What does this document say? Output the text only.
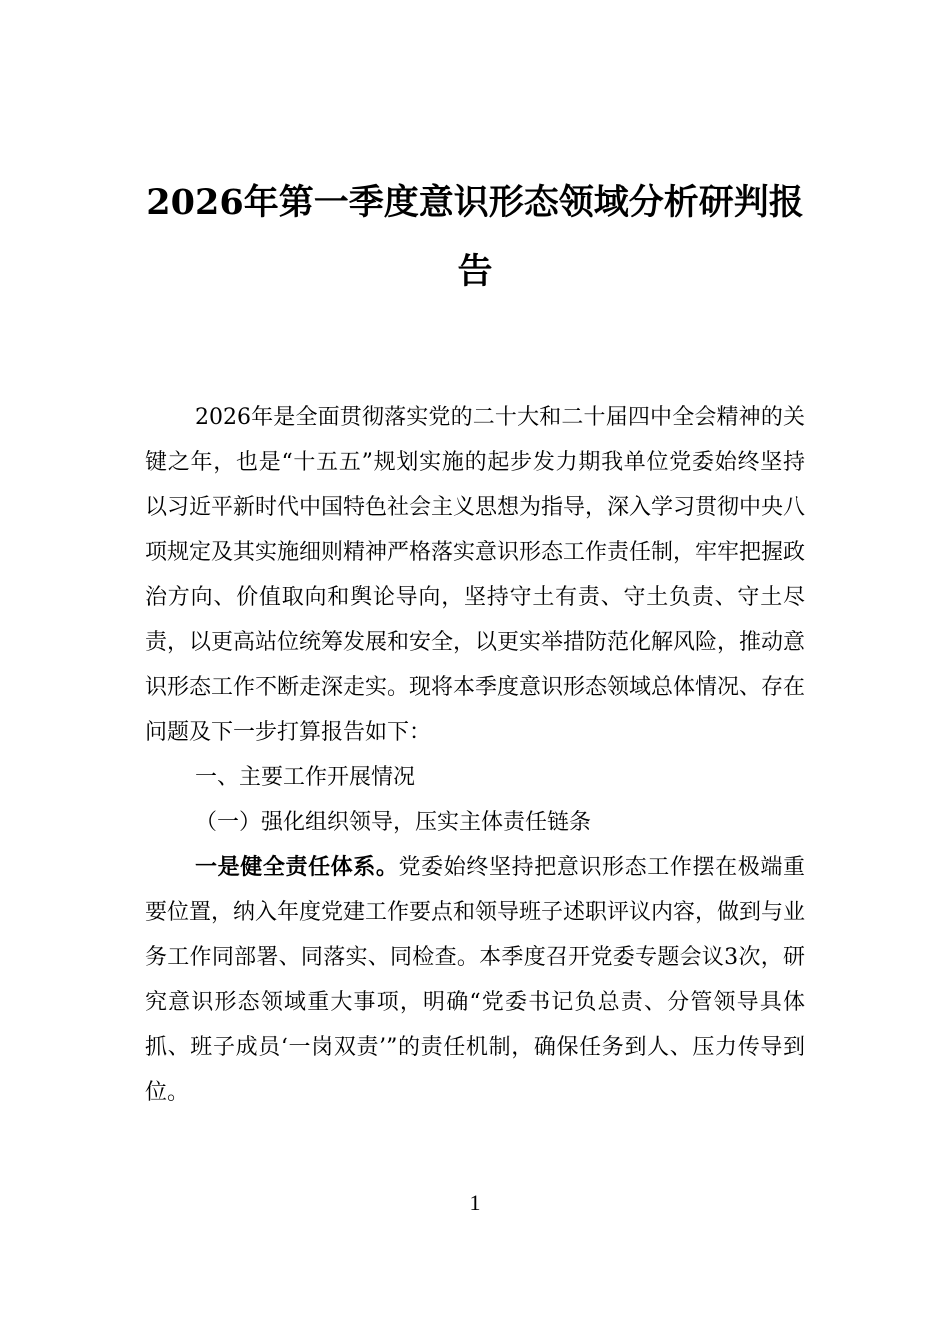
2026年第一季度意识形态领域分析研判报告

2026年是全面贯彻落实党的二十大和二十届四中全会精神的关键之年，也是“十五五”规划实施的起步发力期我单位党委始终坚持以习近平新时代中国特色社会主义思想为指导，深入学习贯彻中央八项规定及其实施细则精神严格落实意识形态工作责任制，牢牢把握政治方向、价值取向和舆论导向，坚持守土有责、守土负责、守土尽责，以更高站位统筹发展和安全，以更实举措防范化解风险，推动意识形态工作不断走深走实。现将本季度意识形态领域总体情况、存在问题及下一步打算报告如下：

一、主要工作开展情况

（一）强化组织领导，压实主体责任链条

一是健全责任体系。党委始终坚持把意识形态工作摆在极端重要位置，纳入年度党建工作要点和领导班子述职评议内容，做到与业务工作同部署、同落实、同检查。本季度召开党委专题会议3次，研究意识形态领域重大事项，明确“党委书记负总责、分管领导具体抓、班子成员‘一岗双责’”的责任机制，确保任务到人、压力传导到位。

1
